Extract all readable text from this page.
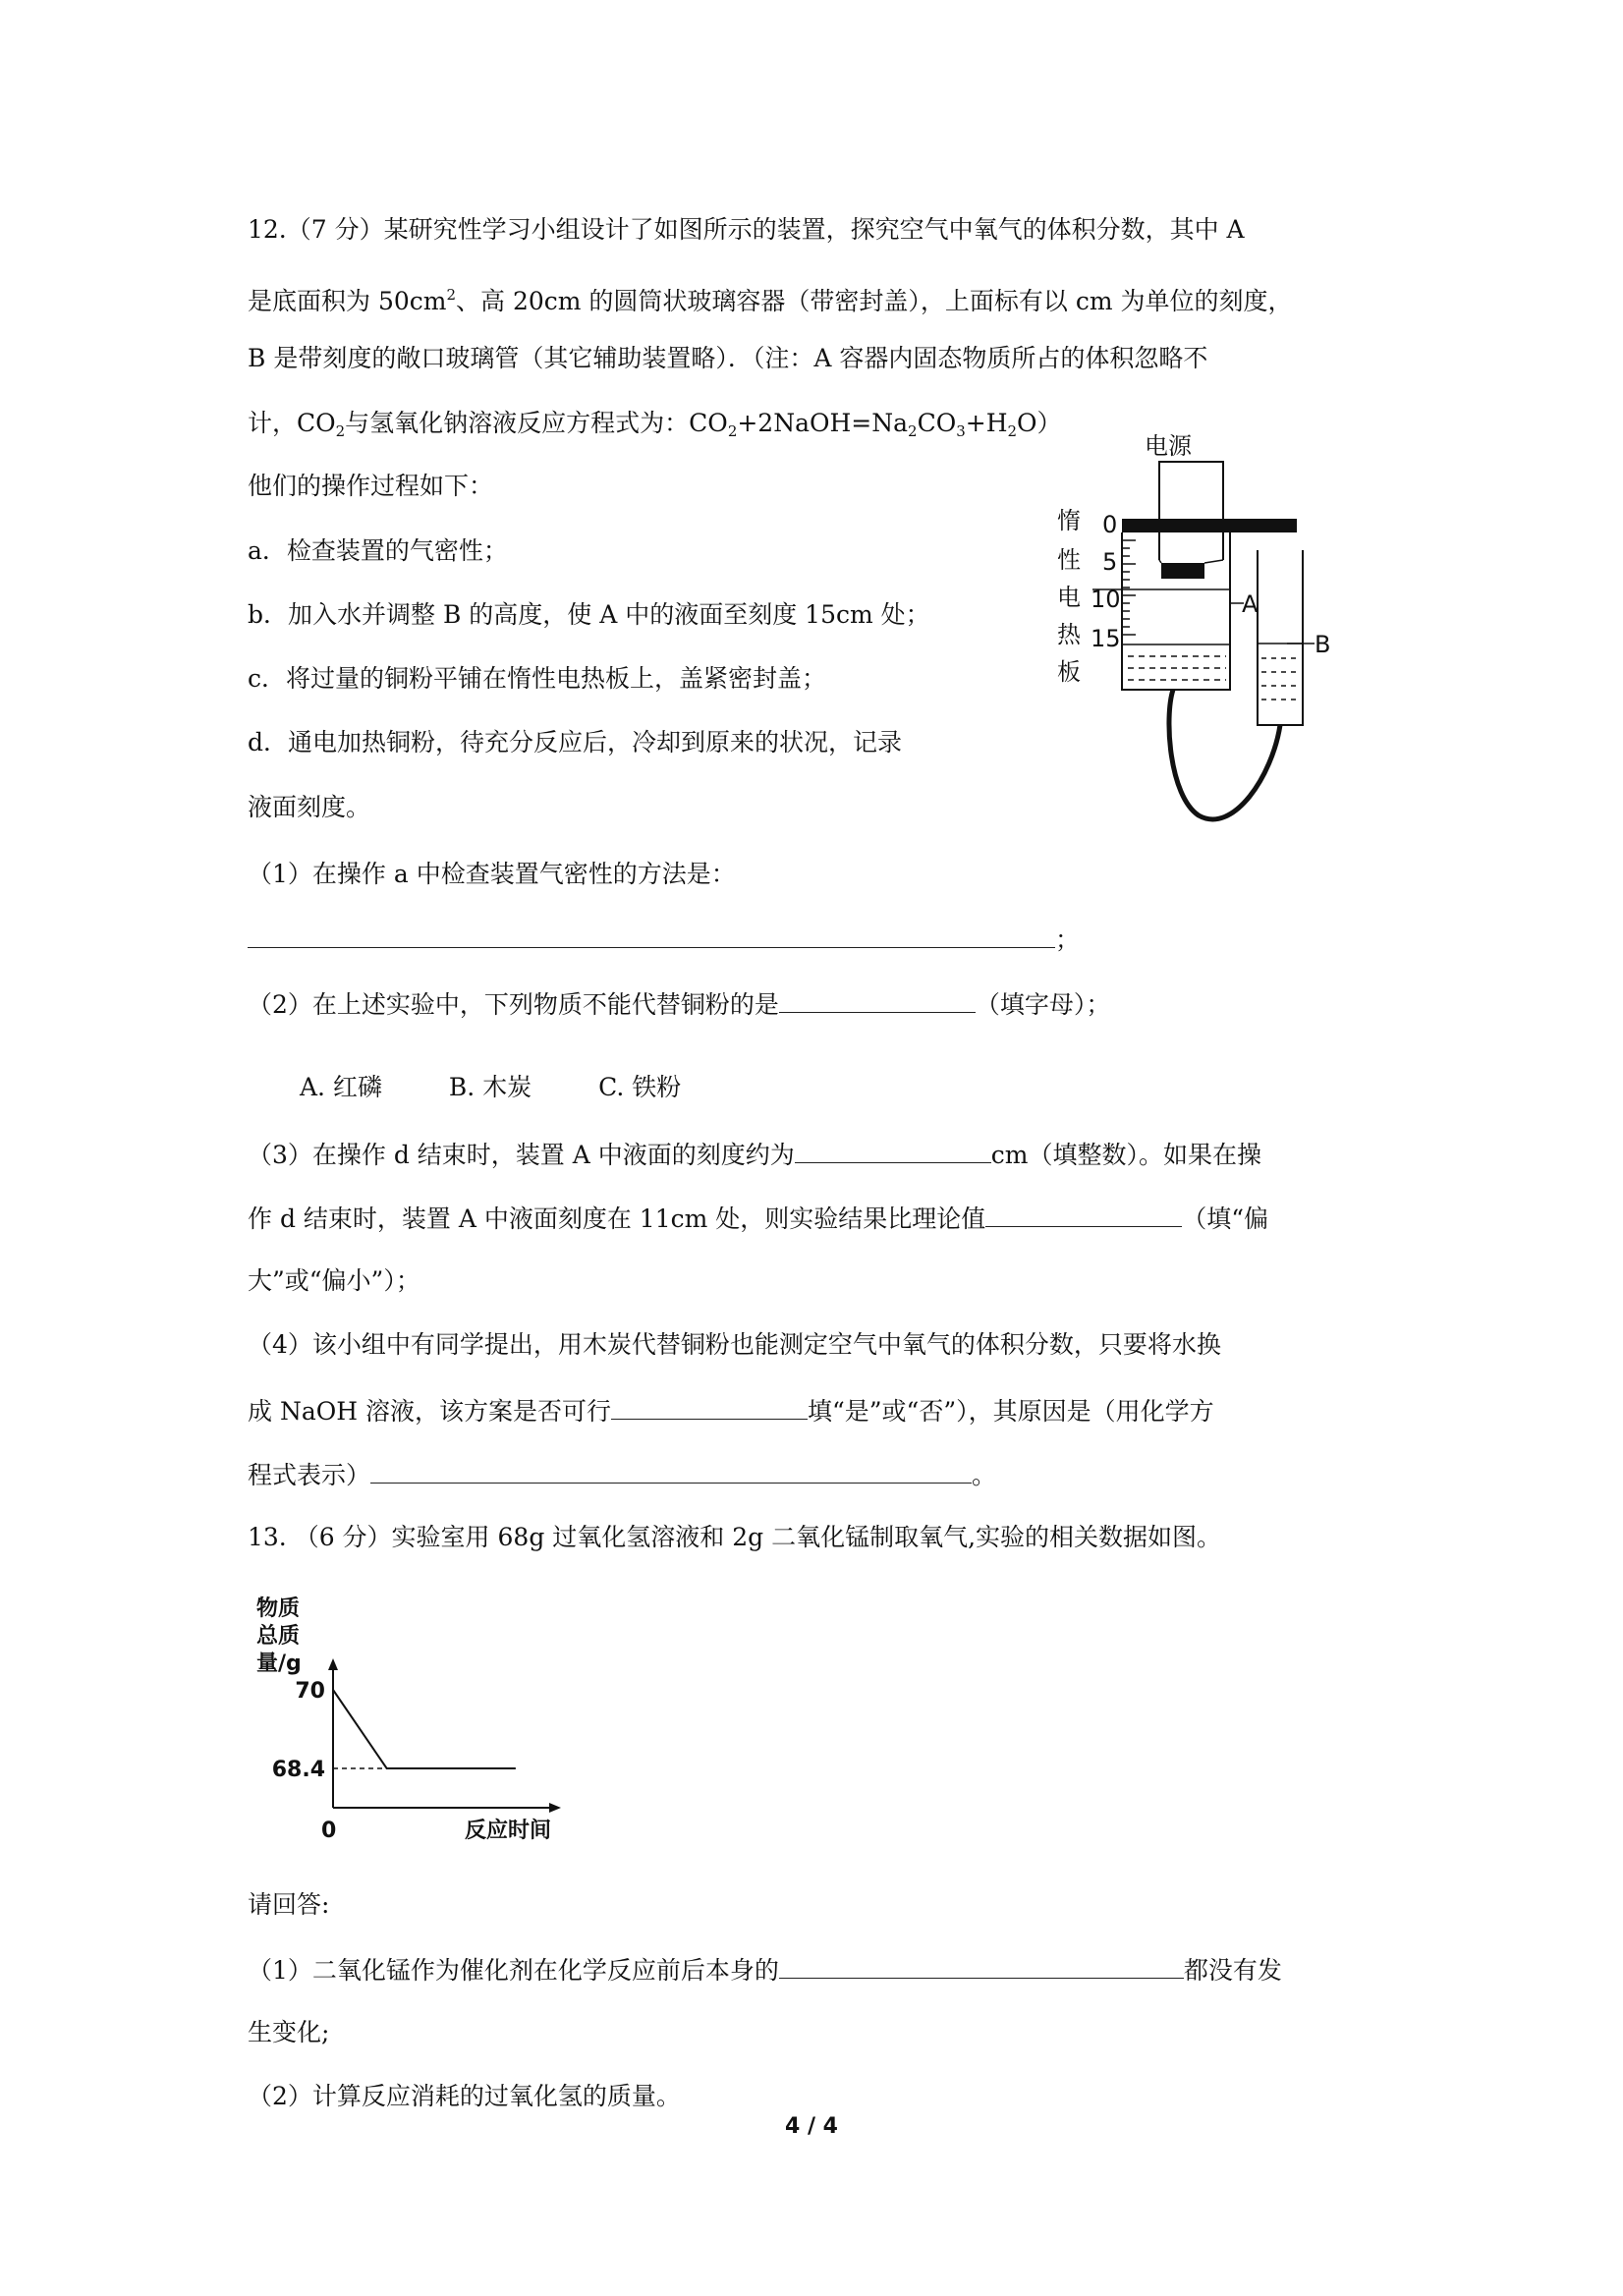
12.（7 分）某研究性学习小组设计了如图所示的装置，探究空气中氧气的体积分数，其中 A
是底面积为 $50cm^2$、高 20cm 的圆筒状玻璃容器（带密封盖），上面标有以 cm 为单位的刻度，
B 是带刻度的敞口玻璃管（其它辅助装置略）．（注：A 容器内固态物质所占的体积忽略不
计，$CO_2$与氢氧化钠溶液反应方程式为：$CO_2+2NaOH=Na_2CO_3+H_2O$）
他们的操作过程如下：
a．检查装置的气密性；
b．加入水并调整 B 的高度，使 A 中的液面至刻度 15cm 处；
c．将过量的铜粉平铺在惰性电热板上，盖紧密封盖；
d．通电加热铜粉，待充分反应后，冷却到原来的状况，记录
液面刻度。
（1）在操作 a 中检查装置气密性的方法是：
；
（2）在上述实验中，下列物质不能代替铜粉的是	（填字母）；
A. 红磷	B. 木炭	C. 铁粉
（3）在操作 d 结束时，装置 A 中液面的刻度约为	cm（填整数）。如果在操
作 d 结束时，装置 A 中液面刻度在 11cm 处，则实验结果比理论值	（填“偏
大”或“偏小”）；
（4）该小组中有同学提出，用木炭代替铜粉也能测定空气中氧气的体积分数，只要将水换
成 NaOH 溶液，该方案是否可行	填“是”或“否”），其原因是（用化学方
程式表示）	。
电源
惰
性
电
热
板
0
5
10
15
A
B
13. （6 分）实验室用 68g 过氧化氢溶液和 2g 二氧化锰制取氧气,实验的相关数据如图。
物质
总质
量/g
0	反应时间
70
68.4
请回答:
（1）二氧化锰作为催化剂在化学反应前后本身的	都没有发
生变化;
（2）计算反应消耗的过氧化氢的质量。
4 / 4
